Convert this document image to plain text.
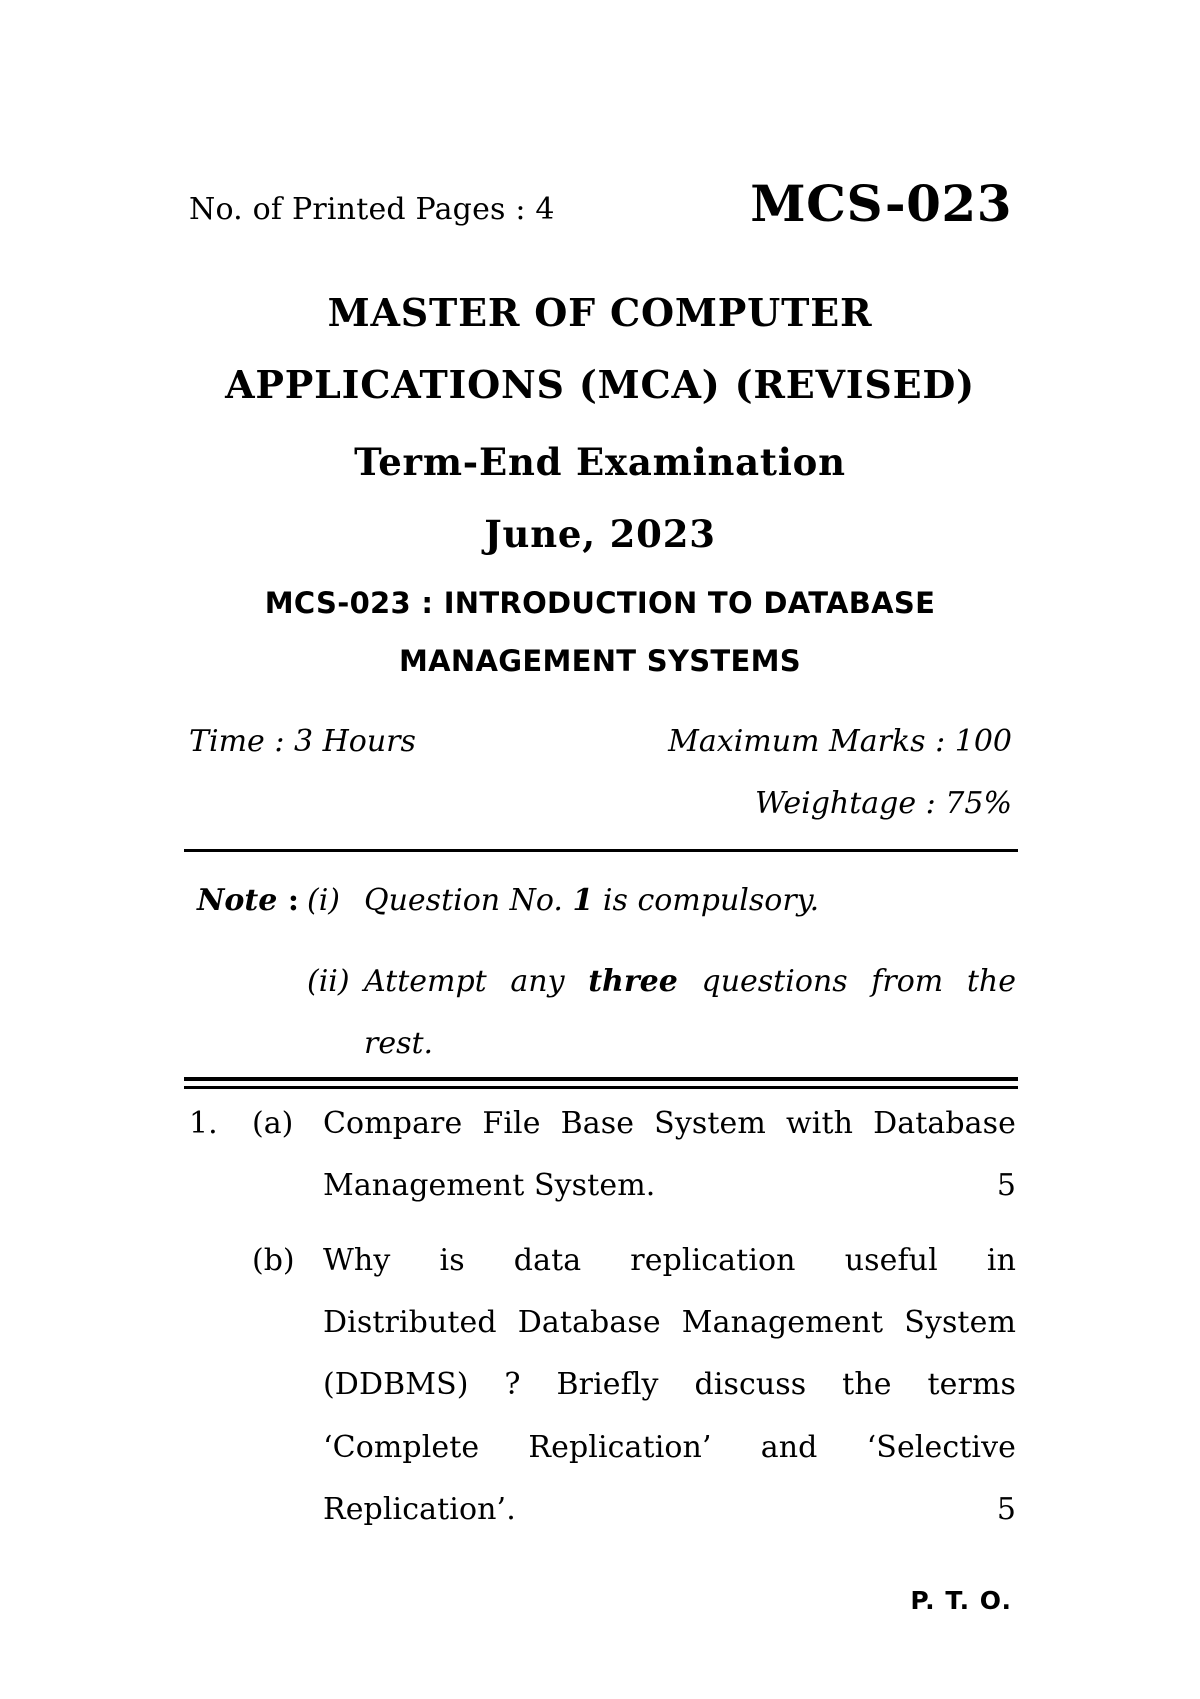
No. of Printed Pages : 4	MCS-023
MASTER OF COMPUTER
APPLICATIONS (MCA) (REVISED)
Term-End Examination
June, 2023
MCS-023 : INTRODUCTION TO DATABASE
MANAGEMENT SYSTEMS
Time : 3 Hours	Maximum Marks : 100
Weightage : 75%
Note : (i) Question No. 1 is compulsory.
(ii) Attempt any three questions from the
rest.
1. (a) Compare File Base System with Database
Management System.	5
(b) Why is data replication useful in
Distributed Database Management System
(DDBMS) ? Briefly discuss the terms
‘Complete Replication’ and ‘Selective
Replication’.	5
P. T. O.
